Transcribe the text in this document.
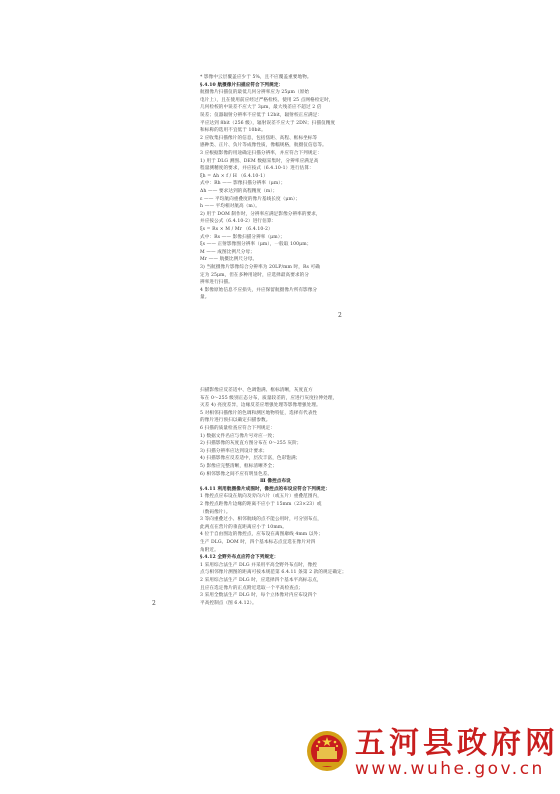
* 影像中云层覆盖应少于 5%，且不应覆盖重要地物。
§.4.10 航摄像片扫描应符合下列规定：
航摄像片扫描仪的最低几何分辨率应为 25μm（原始
电片上），且在使用前应经过严格检校。使用 25 点网格检定时，
几何检校的中误差不应大于 3μm，最大残差应不超过 2 倍
误差；仪器辐射分辨率不应低于 12bit，辐射校正应满足：
平应达到 8bit（256 级），辐射误差不应大于 2DN；扫描仪精度
和标称的选用不宜低于 10bit。
2 应收集扫描像片的信息，包括焦距、高程、框标坐标等
感种类、正片、负片等成像性质，像幅规格，航摄仪信息等。
3 应根据影像的用途确定扫描分辨率，并应符合下列规定：
1) 用于 DLG 测图、DEM 数据采集时，分辨率应满足高
程量测精度的要求，并应按式（6.4.10-1）进行估算：
ξh = Δh × f / H （6.4.10-1）
式中：Rh —— 影像扫描分辨率（μm）；
Δh —— 要求达到的高程精度（m）；
ε —— 平均航向重叠度的像片基线长度（μm）；
h —— 平均相对航高（m）。
2) 用于 DOM 制作时，分辨率应满足影像分辨率的要求，
并应按公式（6.4.10-2）进行估算：
ξs = Rs × M / Mr （6.4.10-2）
式中：Rs —— 影像扫描分辨率（μm）；
ξs —— 正射影像图分辨率（μm），一般取 100μm；
M —— 成图比例尺分母；
Mr —— 航摄比例尺分母。
3) 当航摄像片影像综合分辨率为 20LP/mm 时，Rs 可确
定为 25μm，但在多种用途时，应选择最高要求的分
辨率进行扫描。
4 影像原始信息不应损失，并应保留航摄像片所有影像分
量。
2
扫描影像应反差适中、色调饱满、框标清晰，灰度直方
布在 0～255 级别正态分布，质量较差的，应进行灰度拉伸处理，
灭差 4) 亮度差异，边缘反差应增强处理等影像增强处理。
5 对相邻扫描像片的色调和测区地物特征，选择有代表性
的像片进行预扫以确定扫描参数。
6 扫描的质量检查应符合下列规定：
1) 数据文件名应与像片号对应一致；
2) 扫描影像的灰度直方图分布在 0～255 灰阶；
3) 扫描分辨率应达到设计要求；
4) 扫描影像应反差适中，层次丰富，色彩饱满；
5) 影像应完整清晰，框标清晰齐全；
6) 相邻影像之间不应有明显色差。
Ⅲ 像控点布设
§.4.11 利用航摄像片成图时，像控点的布设应符合下列规定：
1 像控点应布设在航向及旁向六片（或五片）重叠范围内，
2 像控点距像片边缘的距离不应小于 15mm（23×23）或
（数码像片）。
3 等向重叠过小、相邻航线的点不能公用时，可分别布点，
此两点在营片的垂直距离应小于 10mm。
4 位于自由图边的像控点，应布设在离图廓线 4mm 以外；
生产 DLG、DOM 时，四个基本标志点宜选在像片对四
角附近。
§.4.12 全野外布点应符合下列规定：
1 采用综合法生产 DLG 并采用平高全野外布点时，像控
点与相邻像片测图的距离可按本规范第 6.4.11 条第 2 款的规定确定；
2 采用综合法生产 DLG 时，应选择四个基本平高标志点，
且应在选定像片的正点附近选取一个平高检查点；
3 采用全数法生产 DLG 时，每个立体像对内应布设四个
平高控制点（图 6.4.12）。
2
五河县政府网
www.wuhe.gov.cn
